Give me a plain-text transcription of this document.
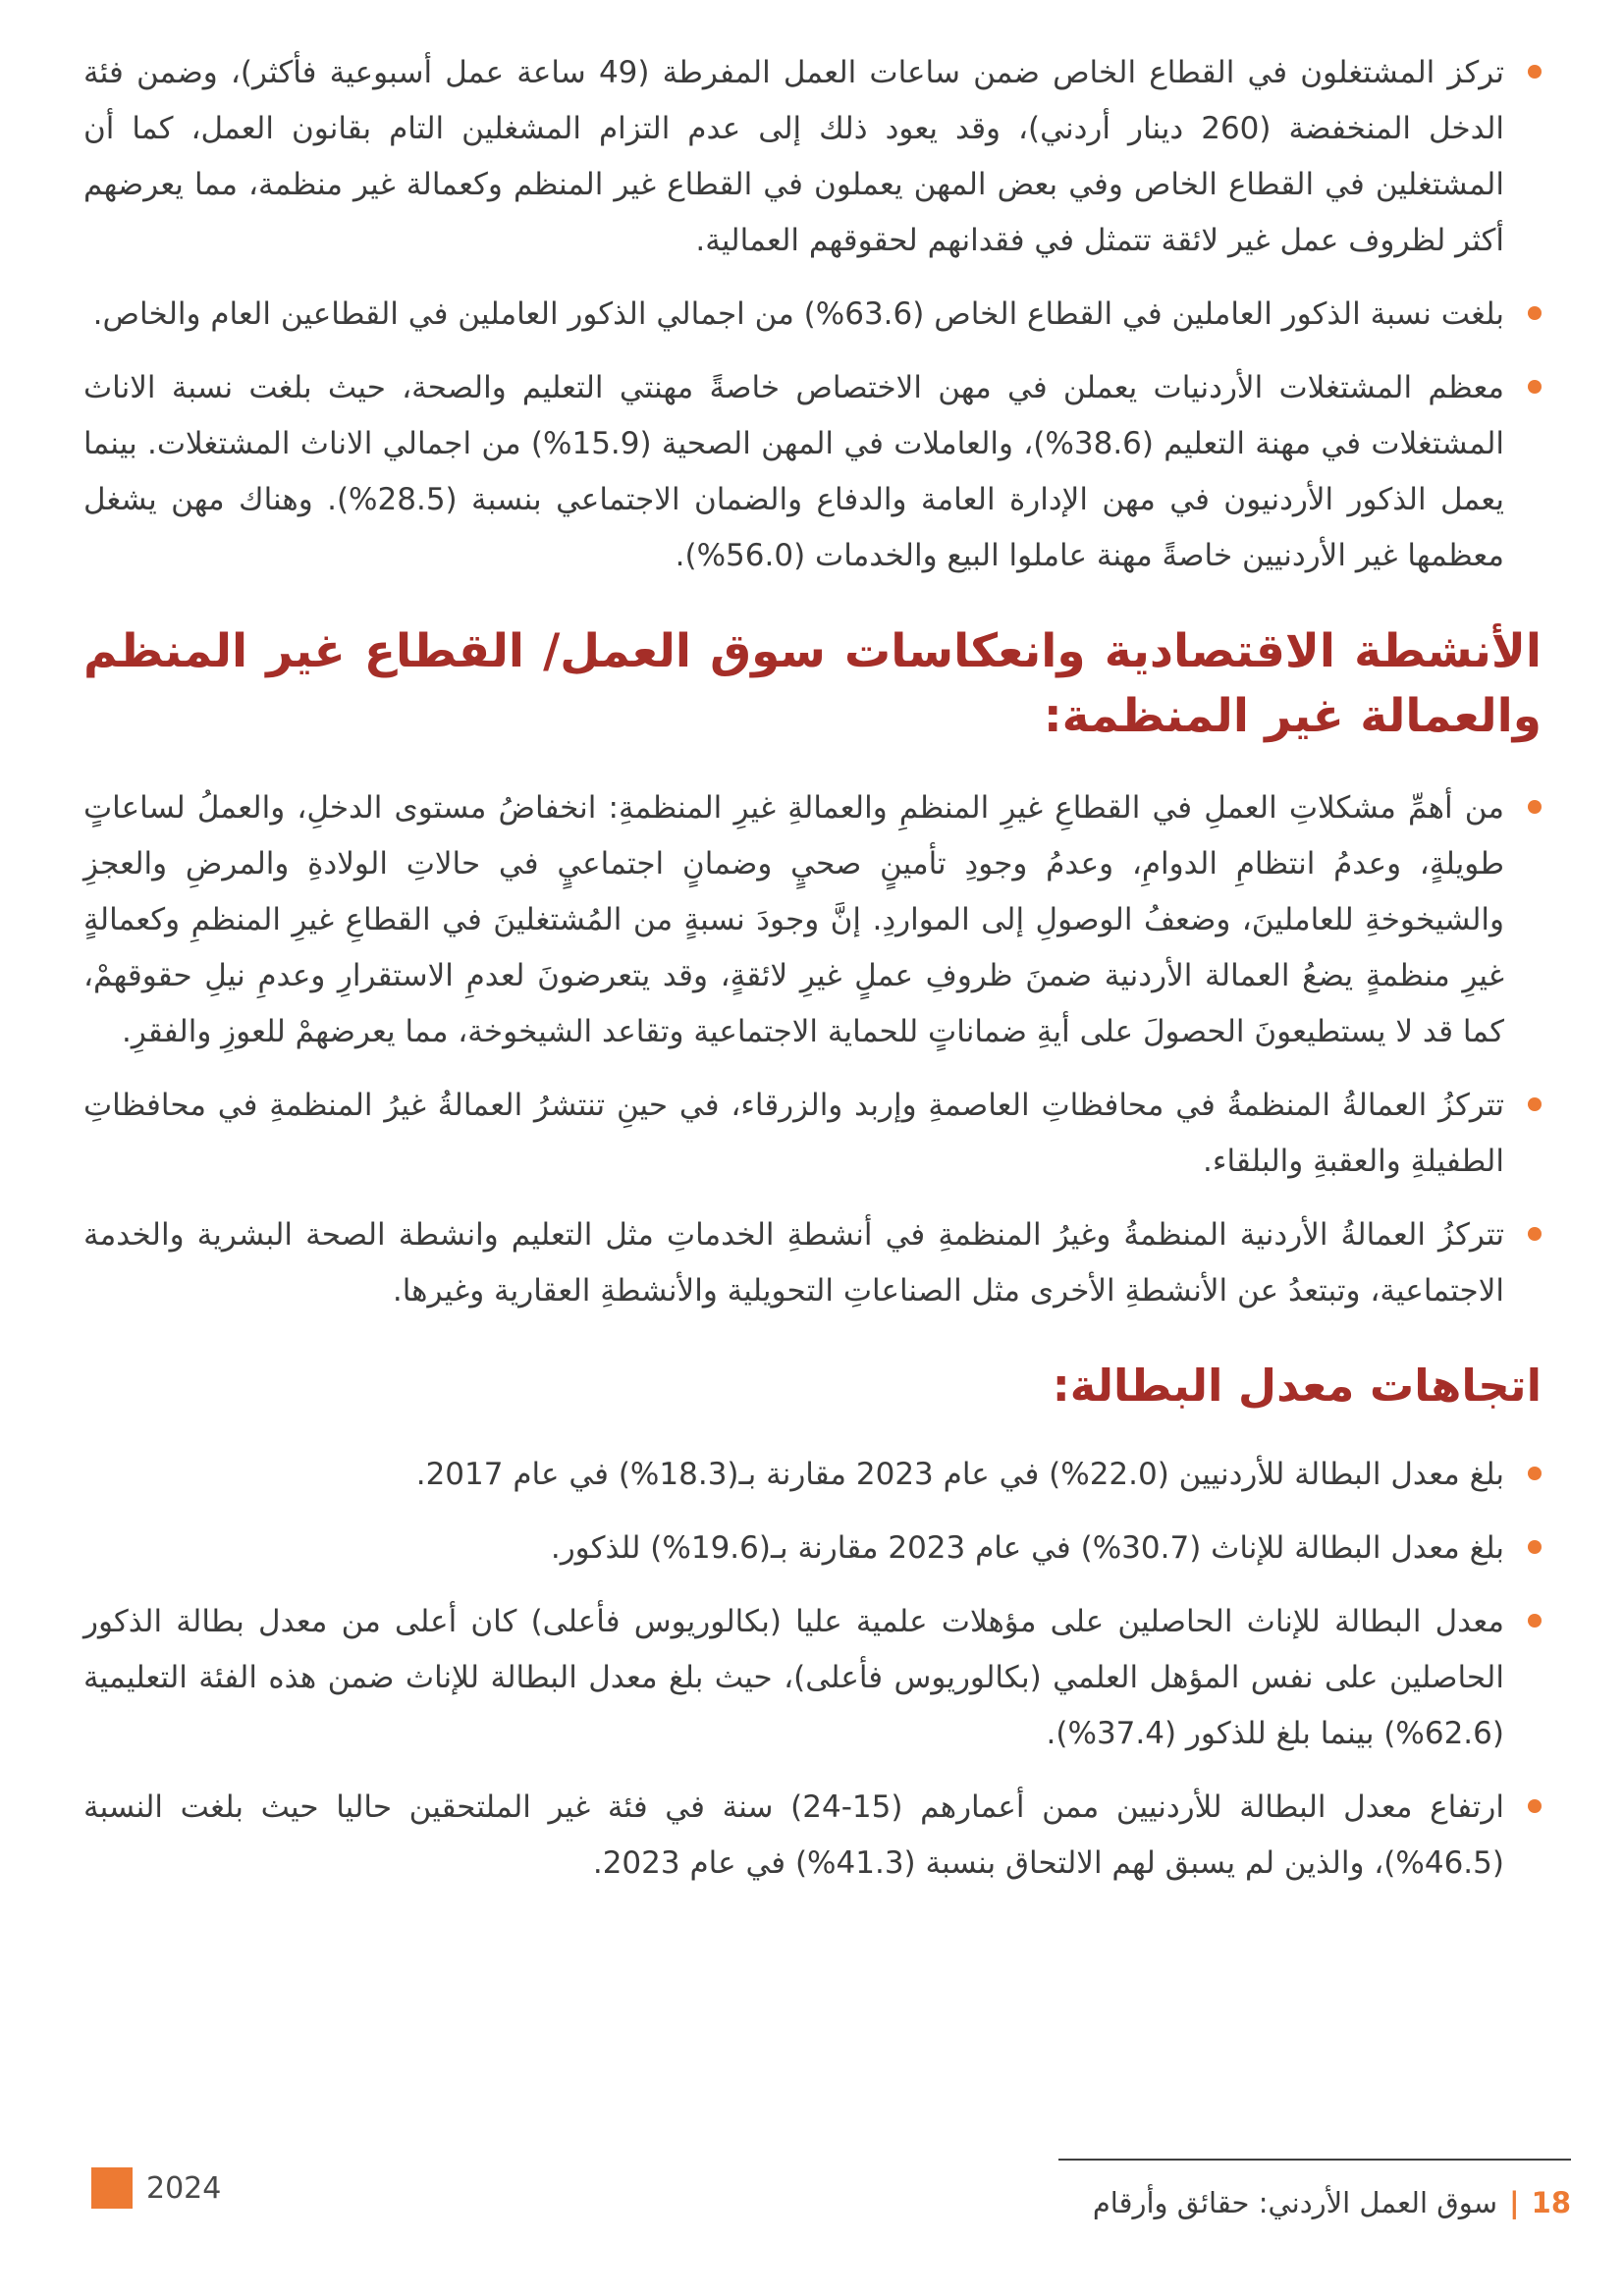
تركز المشتغلون في القطاع الخاص ضمن ساعات العمل المفرطة (49 ساعة عمل أسبوعية فأكثر)، وضمن فئة الدخل المنخفضة (260 دينار أردني)، وقد يعود ذلك إلى عدم التزام المشغلين التام بقانون العمل، كما أن المشتغلين في القطاع الخاص وفي بعض المهن يعملون في القطاع غير المنظم وكعمالة غير منظمة، مما يعرضهم أكثر لظروف عمل غير لائقة تتمثل في فقدانهم لحقوقهم العمالية.

بلغت نسبة الذكور العاملين في القطاع الخاص (63.6%) من اجمالي الذكور العاملين في القطاعين العام والخاص.

معظم المشتغلات الأردنيات يعملن في مهن الاختصاص خاصةً مهنتي التعليم والصحة، حيث بلغت نسبة الاناث المشتغلات في مهنة التعليم (38.6%)، والعاملات في المهن الصحية (15.9%) من اجمالي الاناث المشتغلات. بينما يعمل الذكور الأردنيون في مهن الإدارة العامة والدفاع والضمان الاجتماعي بنسبة (28.5%). وهناك مهن يشغل معظمها غير الأردنيين خاصةً مهنة عاملوا البيع والخدمات (56.0%).

الأنشطة الاقتصادية وانعكاسات سوق العمل/ القطاع غير المنظم
والعمالة غير المنظمة:

من أهمِّ مشكلاتِ العملِ في القطاعِ غيرِ المنظمِ والعمالةِ غيرِ المنظمةِ: انخفاضُ مستوى الدخلِ، والعملُ لساعاتٍ طويلةٍ، وعدمُ انتظامِ الدوامِ، وعدمُ وجودِ تأمينٍ صحيٍ وضمانٍ اجتماعيٍ في حالاتِ الولادةِ والمرضِ والعجزِ والشيخوخةِ للعاملينَ، وضعفُ الوصولِ إلى المواردِ. إنَّ وجودَ نسبةٍ من المُشتغلينَ في القطاعِ غيرِ المنظمِ وكعمالةٍ غيرِ منظمةٍ يضعُ العمالة الأردنية ضمنَ ظروفِ عملٍ غيرِ لائقةٍ، وقد يتعرضونَ لعدمِ الاستقرارِ وعدمِ نيلِ حقوقهمْ، كما قد لا يستطيعونَ الحصولَ على أيةِ ضماناتٍ للحماية الاجتماعية وتقاعد الشيخوخة، مما يعرضهمْ للعوزِ والفقرِ.

تتركزُ العمالةُ المنظمةُ في محافظاتِ العاصمةِ وإربد والزرقاء، في حينِ تنتشرُ العمالةُ غيرُ المنظمةِ في محافظاتِ الطفيلةِ والعقبةِ والبلقاء.

تتركزُ العمالةُ الأردنية المنظمةُ وغيرُ المنظمةِ في أنشطةِ الخدماتِ مثل التعليم وانشطة الصحة البشرية والخدمة الاجتماعية، وتبتعدُ عن الأنشطةِ الأخرى مثل الصناعاتِ التحويلية والأنشطةِ العقارية وغيرها.

اتجاهات معدل البطالة:

بلغ معدل البطالة للأردنيين (22.0%) في عام 2023 مقارنة بـ(18.3%) في عام 2017.

بلغ معدل البطالة للإناث (30.7%) في عام 2023 مقارنة بـ(19.6%) للذكور.

معدل البطالة للإناث الحاصلين على مؤهلات علمية عليا (بكالوريوس فأعلى) كان أعلى من معدل بطالة الذكور الحاصلين على نفس المؤهل العلمي (بكالوريوس فأعلى)، حيث بلغ معدل البطالة للإناث ضمن هذه الفئة التعليمية (62.6%) بينما بلغ للذكور (37.4%).

ارتفاع معدل البطالة للأردنيين ممن أعمارهم (15-24) سنة في فئة غير الملتحقين حاليا حيث بلغت النسبة (46.5%)، والذين لم يسبق لهم الالتحاق بنسبة (41.3%) في عام 2023.

18|سوق العمل الأردني: حقائق وأرقام
2024
